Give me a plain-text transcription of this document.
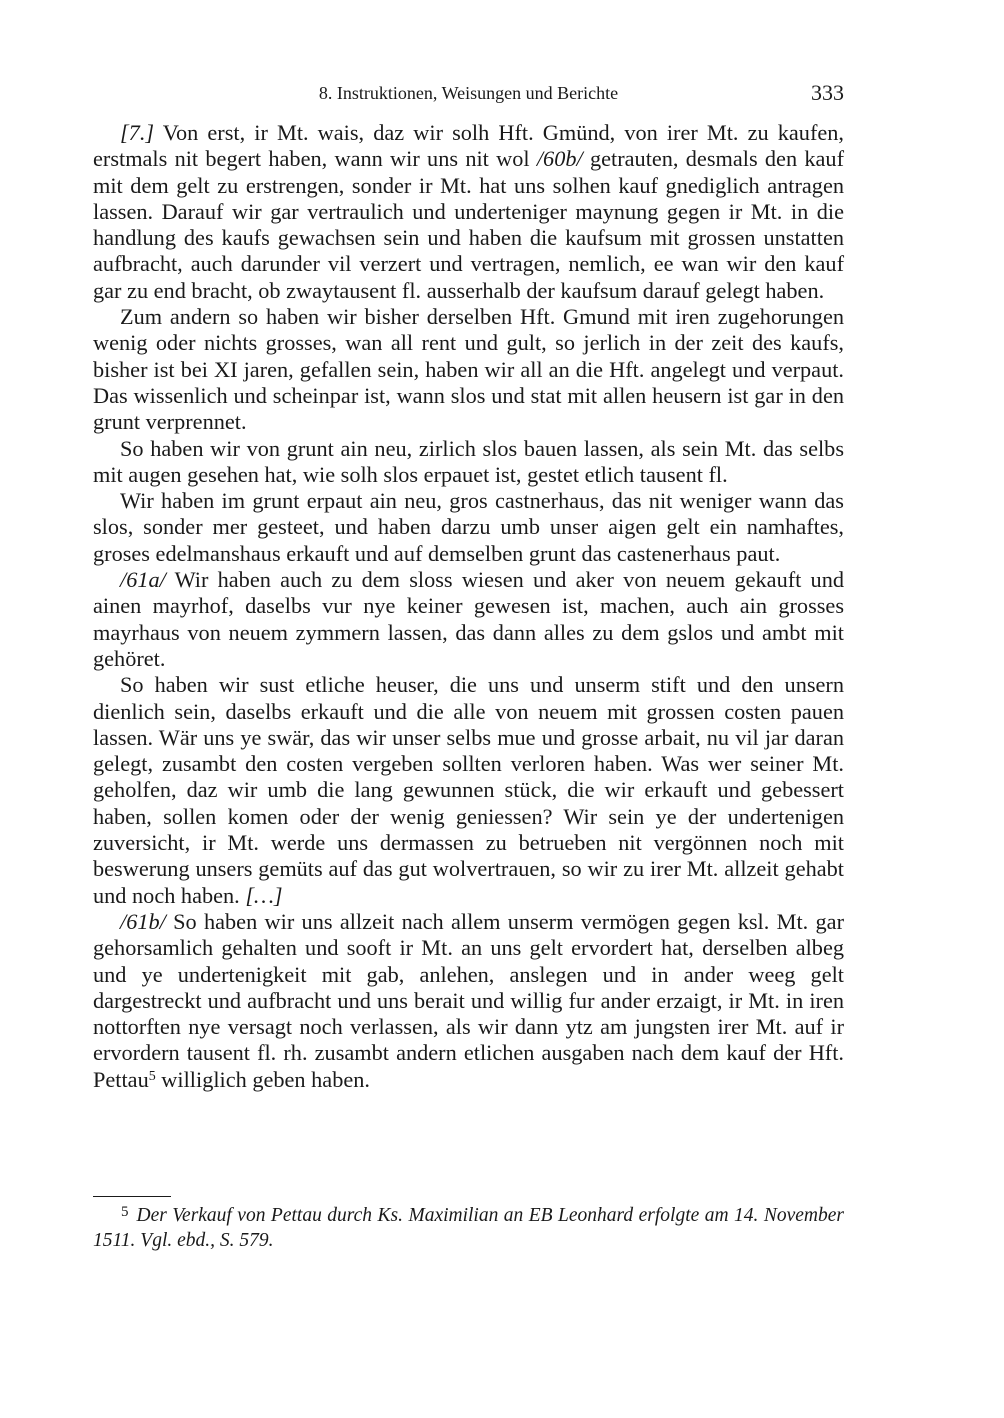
8. Instruktionen, Weisungen und Berichte	333

[7.] Von erst, ir Mt. wais, daz wir solh Hft. Gmünd, von irer Mt. zu kaufen, erstmals nit begert haben, wann wir uns nit wol /60b/ getrauten, desmals den kauf mit dem gelt zu erstrengen, sonder ir Mt. hat uns solhen kauf gnediglich antragen lassen. Darauf wir gar vertraulich und underteniger maynung gegen ir Mt. in die handlung des kaufs gewachsen sein und haben die kaufsum mit grossen unstatten aufbracht, auch darunder vil verzert und vertragen, nemlich, ee wan wir den kauf gar zu end bracht, ob zwaytausent fl. ausserhalb der kaufsum darauf gelegt haben.

Zum andern so haben wir bisher derselben Hft. Gmund mit iren zugehorungen wenig oder nichts grosses, wan all rent und gult, so jerlich in der zeit des kaufs, bisher ist bei XI jaren, gefallen sein, haben wir all an die Hft. angelegt und verpaut. Das wissenlich und scheinpar ist, wann slos und stat mit allen heusern ist gar in den grunt verprennet.

So haben wir von grunt ain neu, zirlich slos bauen lassen, als sein Mt. das selbs mit augen gesehen hat, wie solh slos erpauet ist, gestet etlich tausent fl.

Wir haben im grunt erpaut ain neu, gros castnerhaus, das nit weniger wann das slos, sonder mer gesteet, und haben darzu umb unser aigen gelt ein namhaftes, groses edelmanshaus erkauft und auf demselben grunt das castenerhaus paut.

/61a/ Wir haben auch zu dem sloss wiesen und aker von neuem gekauft und ainen mayrhof, daselbs vur nye keiner gewesen ist, machen, auch ain grosses mayrhaus von neuem zymmern lassen, das dann alles zu dem gslos und ambt mit gehöret.

So haben wir sust etliche heuser, die uns und unserm stift und den unsern dienlich sein, daselbs erkauft und die alle von neuem mit grossen costen pauen lassen. Wär uns ye swär, das wir unser selbs mue und grosse arbait, nu vil jar daran gelegt, zusambt den costen vergeben sollten verloren haben. Was wer seiner Mt. geholfen, daz wir umb die lang gewunnen stück, die wir erkauft und gebessert haben, sollen komen oder der wenig geniessen? Wir sein ye der undertenigen zuversicht, ir Mt. werde uns dermassen zu betrueben nit vergönnen noch mit beswerung unsers gemüts auf das gut wolvertrauen, so wir zu irer Mt. allzeit gehabt und noch haben. […]

/61b/ So haben wir uns allzeit nach allem unserm vermögen gegen ksl. Mt. gar gehorsamlich gehalten und sooft ir Mt. an uns gelt ervordert hat, derselben albeg und ye undertenigkeit mit gab, anlehen, anslegen und in ander weeg gelt dargestreckt und aufbracht und uns berait und willig fur ander erzaigt, ir Mt. in iren nottorften nye versagt noch verlassen, als wir dann ytz am jungsten irer Mt. auf ir ervordern tausent fl. rh. zusambt andern etlichen ausgaben nach dem kauf der Hft. Pettau$^5$ williglich geben haben.

$^5$ Der Verkauf von Pettau durch Ks. Maximilian an EB Leonhard erfolgte am 14. November 1511. Vgl. ebd., S. 579.
